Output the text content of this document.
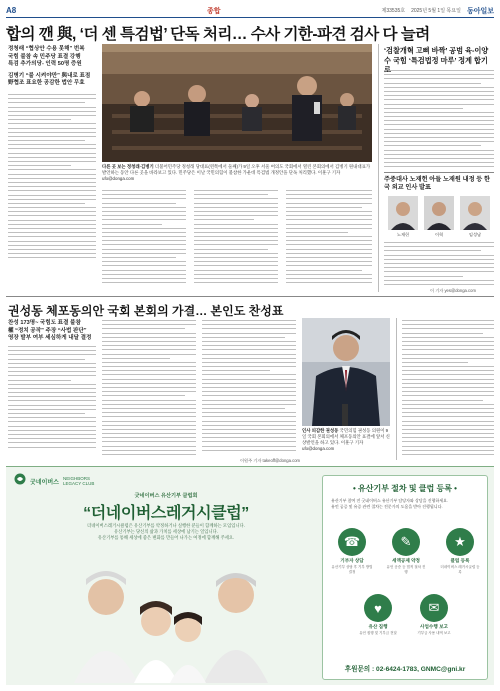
A8	종합	제33535호 2025년 5월 1일 목요일 동아일보
합의 깬 與, ‘더 센 특검법’ 단독 처리… 수사 기한-파견 검사 다 늘려
정청래 “협상안 수용 못해” 번복
국힘 불참 속 민주당 표결 강행
특검 추가의당- 인력 50명 증원
김병기 “불 시켜야만” 與내로 표점
野협조 표요한 공감한 법안 무효
다른 곳 보는 정청래·김병기 더불어민주당 정청래 당대표(왼쪽에서 둘째)가 9일 오후 서울 여의도 국회에서 열린 본회의에서 김병기 원내대표가 발언하는 동안 다른 곳을 바라보고 있다. 민주당은 이날 국민의힘이 불참한 가운데 특검법 개정안을 단독 처리했다. 이훈구 기자 ufo@donga.com
‘검찰개혁 고삐 바짝’ 공범 육-이양수 국힘 ‘특검법정 마루’ 정계 합기
주중대사 노재헌 아들 노재원 내정 등 한국 외교 인사 발표
노재헌	이혁	임성남
이 기자 yes@donga.com
권성동 체포동의안 국회 본회의 가결… 본인도 찬성표
찬성 173명~ 국힘도 표결 불참
權 “정치 공작” 주장 “사법 판단”
영장 발부 여부 세심하게 내달 결정
이원주 기자 takeoff@donga.com
인사 피감한 권성동 국민의힘 권성동 의원이 9일 국회 본회의에서 체포동의안 표결에 앞서 신상발언을 하고 있다. 이훈구 기자 ufo@donga.com
굿네이버스
NEIGHBORS
LEGACY CLUB
굿네이버스 유산기부 클럽회
“더네이버스레거시클럽”
더네이버스레거시클럽은 유산기부를 약정하거나 실행한 분들이 함께하는 모임입니다.
유산기부는 당신의 삶과 가치를 세상에 남기는 일입니다.
유산기부를 통해 세상에 좋은 변화를 만들어 나가는 여정에 함께해 주세요.
• 유산기부 절차 및 클럽 등록 •
유산기부 참여 전 굿네이버스 유산기부 담당자와 상담을 진행하세요.
유언 공증 및 유증 관련 절차는 전문가의 도움을 받아 진행됩니다.
☎
기부자 상담
유산기부 상담 후 기부 방법 결정
✎
세액공제 약정
유언 공증 등 법적 절차 진행
★
클럽 등록
더네이버스 레거시클럽 등록
♥
유산 집행
유언 집행 및 기부금 전달
✉
사업수행 보고
기부금 사용 내역 보고
후원문의 : 02-6424-1783, GNMC@gni.kr
